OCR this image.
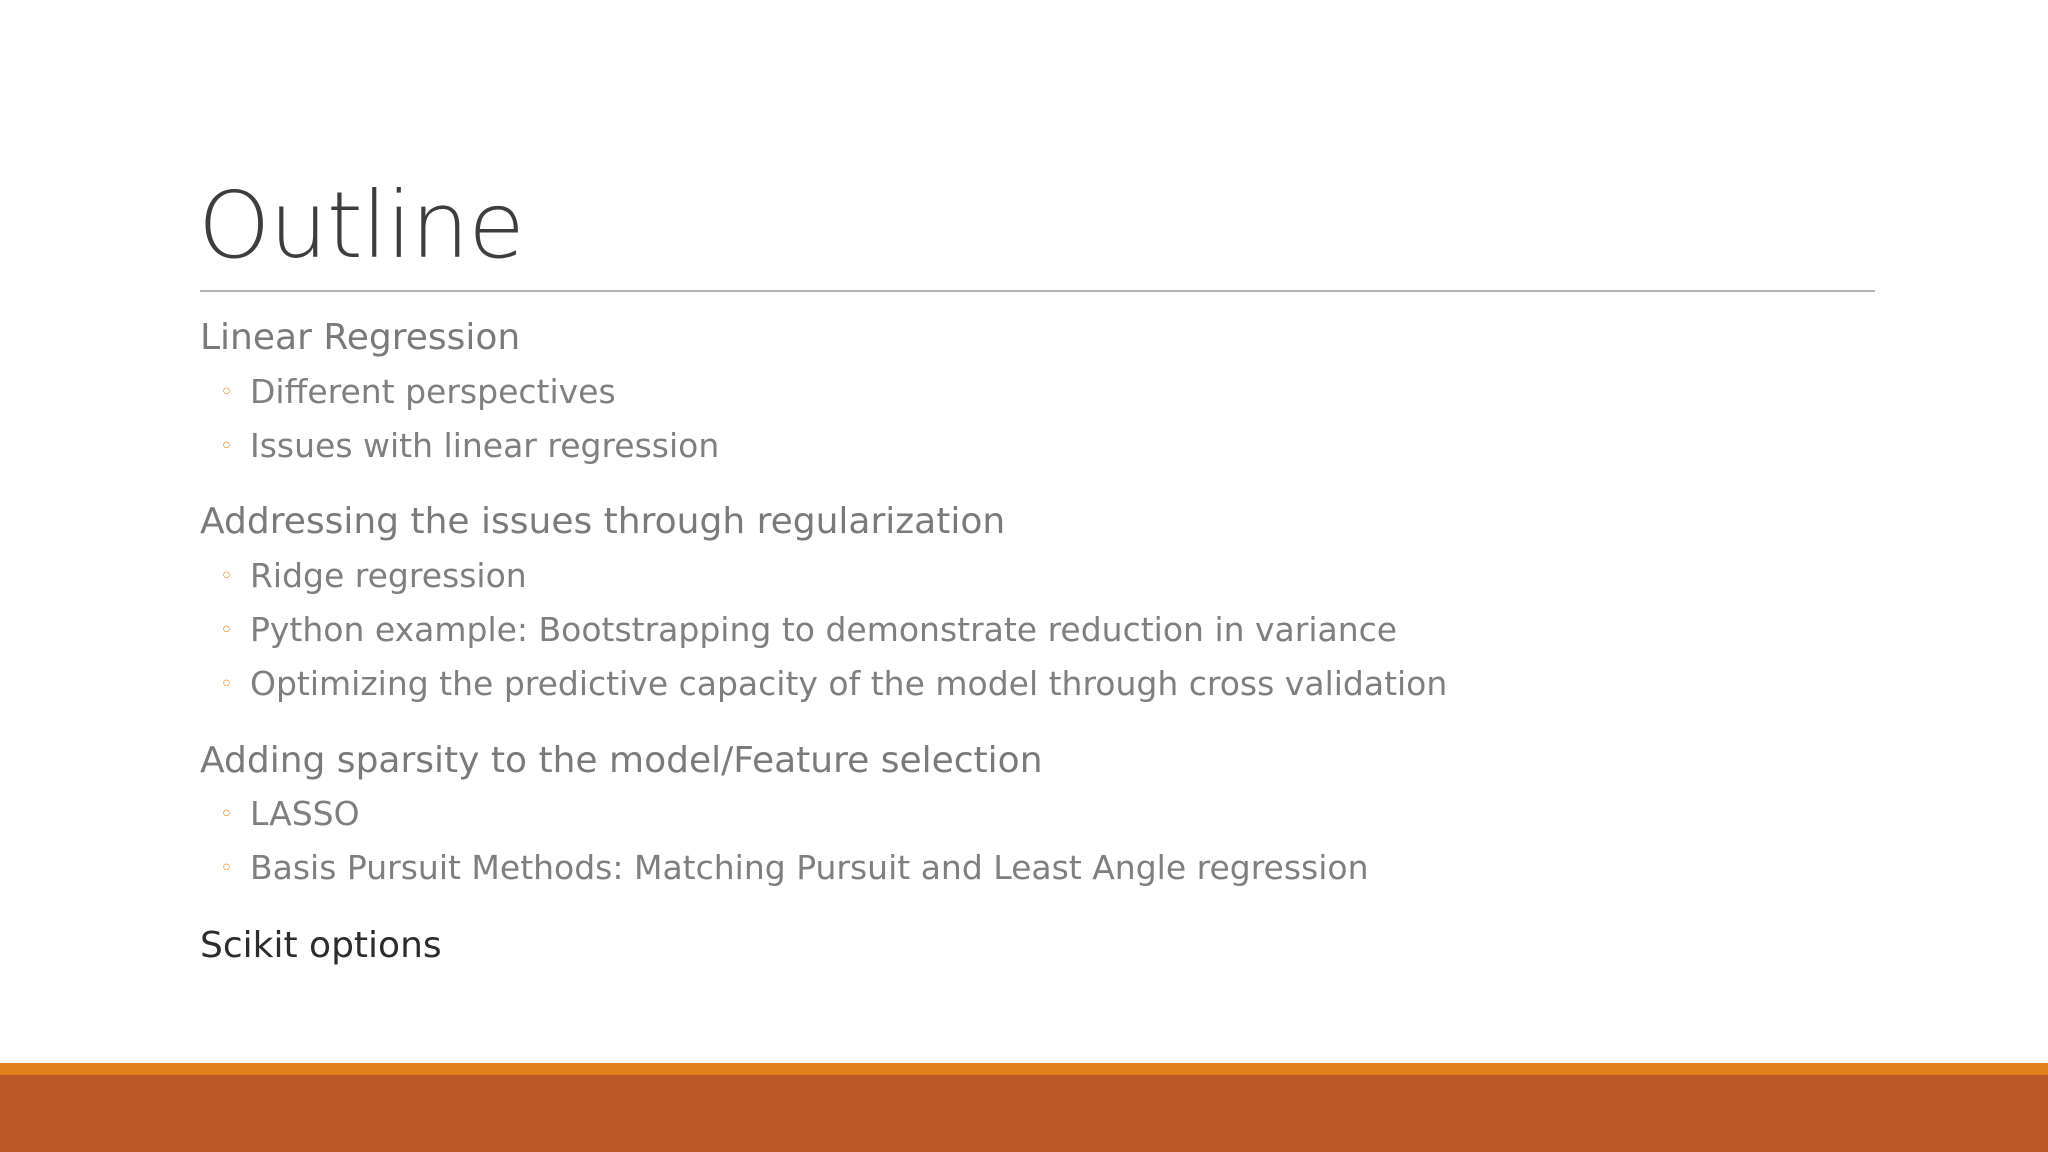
Outline
Linear Regression
◦ Different perspectives
◦ Issues with linear regression
Addressing the issues through regularization
◦ Ridge regression
◦ Python example: Bootstrapping to demonstrate reduction in variance
◦ Optimizing the predictive capacity of the model through cross validation
Adding sparsity to the model/Feature selection
◦ LASSO
◦ Basis Pursuit Methods: Matching Pursuit and Least Angle regression
Scikit options
